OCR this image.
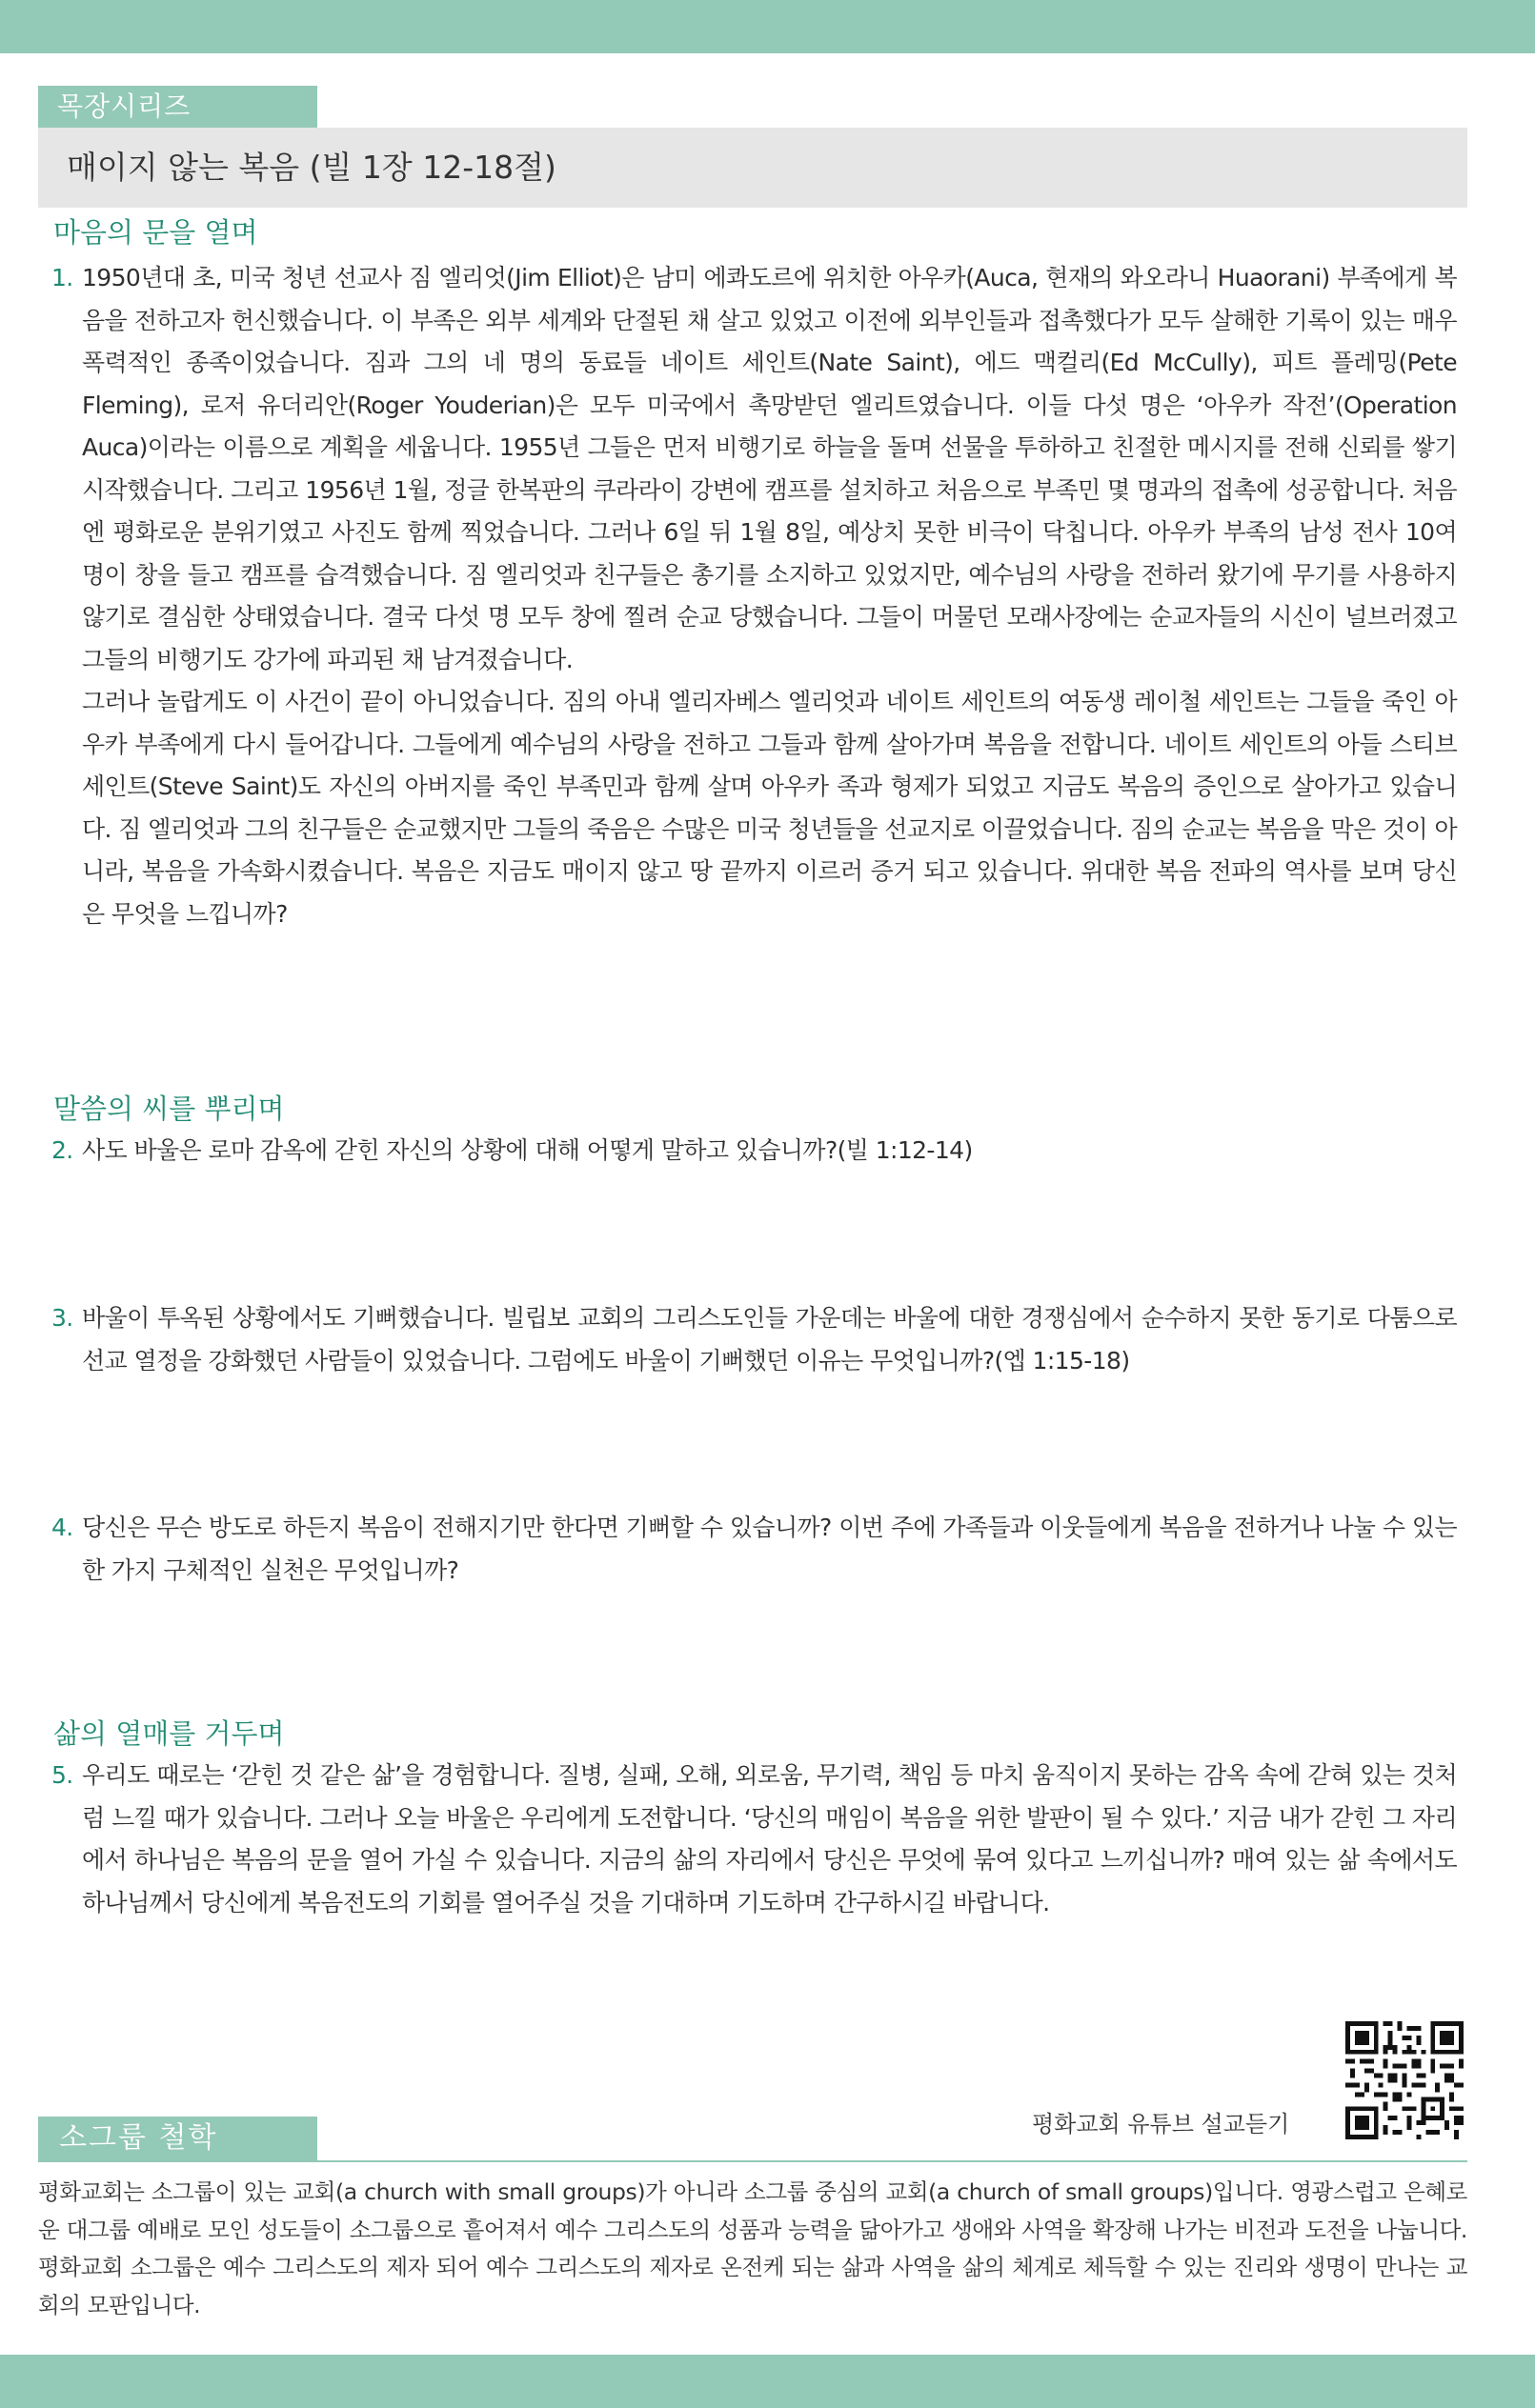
목장시리즈
매이지 않는 복음 (빌 1장 12-18절)
마음의 문을 열며
1. 1950년대 초, 미국 청년 선교사 짐 엘리엇(Jim Elliot)은 남미 에콰도르에 위치한 아우카(Auca, 현재의 와오라니 Huaorani) 부족에게 복음을 전하고자 헌신했습니다. 이 부족은 외부 세계와 단절된 채 살고 있었고 이전에 외부인들과 접촉했다가 모두 살해한 기록이 있는 매우 폭력적인 종족이었습니다. 짐과 그의 네 명의 동료들 네이트 세인트(Nate Saint), 에드 맥컬리(Ed McCully), 피트 플레밍(Pete Fleming), 로저 유더리안(Roger Youderian)은 모두 미국에서 촉망받던 엘리트였습니다. 이들 다섯 명은 ‘아우카 작전’(Operation Auca)이라는 이름으로 계획을 세웁니다. 1955년 그들은 먼저 비행기로 하늘을 돌며 선물을 투하하고 친절한 메시지를 전해 신뢰를 쌓기 시작했습니다. 그리고 1956년 1월, 정글 한복판의 쿠라라이 강변에 캠프를 설치하고 처음으로 부족민 몇 명과의 접촉에 성공합니다. 처음엔 평화로운 분위기였고 사진도 함께 찍었습니다. 그러나 6일 뒤 1월 8일, 예상치 못한 비극이 닥칩니다. 아우카 부족의 남성 전사 10여 명이 창을 들고 캠프를 습격했습니다. 짐 엘리엇과 친구들은 총기를 소지하고 있었지만, 예수님의 사랑을 전하러 왔기에 무기를 사용하지 않기로 결심한 상태였습니다. 결국 다섯 명 모두 창에 찔려 순교 당했습니다. 그들이 머물던 모래사장에는 순교자들의 시신이 널브러졌고 그들의 비행기도 강가에 파괴된 채 남겨졌습니다.

그러나 놀랍게도 이 사건이 끝이 아니었습니다. 짐의 아내 엘리자베스 엘리엇과 네이트 세인트의 여동생 레이철 세인트는 그들을 죽인 아우카 부족에게 다시 들어갑니다. 그들에게 예수님의 사랑을 전하고 그들과 함께 살아가며 복음을 전합니다. 네이트 세인트의 아들 스티브 세인트(Steve Saint)도 자신의 아버지를 죽인 부족민과 함께 살며 아우카 족과 형제가 되었고 지금도 복음의 증인으로 살아가고 있습니다. 짐 엘리엇과 그의 친구들은 순교했지만 그들의 죽음은 수많은 미국 청년들을 선교지로 이끌었습니다. 짐의 순교는 복음을 막은 것이 아니라, 복음을 가속화시켰습니다. 복음은 지금도 매이지 않고 땅 끝까지 이르러 증거 되고 있습니다. 위대한 복음 전파의 역사를 보며 당신은 무엇을 느낍니까?

말씀의 씨를 뿌리며
2. 사도 바울은 로마 감옥에 갇힌 자신의 상황에 대해 어떻게 말하고 있습니까?(빌 1:12-14)

3. 바울이 투옥된 상황에서도 기뻐했습니다. 빌립보 교회의 그리스도인들 가운데는 바울에 대한 경쟁심에서 순수하지 못한 동기로 다툼으로 선교 열정을 강화했던 사람들이 있었습니다. 그럼에도 바울이 기뻐했던 이유는 무엇입니까?(엡 1:15-18)

4. 당신은 무슨 방도로 하든지 복음이 전해지기만 한다면 기뻐할 수 있습니까? 이번 주에 가족들과 이웃들에게 복음을 전하거나 나눌 수 있는 한 가지 구체적인 실천은 무엇입니까?

삶의 열매를 거두며
5. 우리도 때로는 ‘갇힌 것 같은 삶’을 경험합니다. 질병, 실패, 오해, 외로움, 무기력, 책임 등 마치 움직이지 못하는 감옥 속에 갇혀 있는 것처럼 느낄 때가 있습니다. 그러나 오늘 바울은 우리에게 도전합니다. ‘당신의 매임이 복음을 위한 발판이 될 수 있다.’ 지금 내가 갇힌 그 자리에서 하나님은 복음의 문을 열어 가실 수 있습니다. 지금의 삶의 자리에서 당신은 무엇에 묶여 있다고 느끼십니까? 매여 있는 삶 속에서도 하나님께서 당신에게 복음전도의 기회를 열어주실 것을 기대하며 기도하며 간구하시길 바랍니다.

평화교회 유튜브 설교듣기
소그룹 철학
평화교회는 소그룹이 있는 교회(a church with small groups)가 아니라 소그룹 중심의 교회(a church of small groups)입니다. 영광스럽고 은혜로운 대그룹 예배로 모인 성도들이 소그룹으로 흩어져서 예수 그리스도의 성품과 능력을 닮아가고 생애와 사역을 확장해 나가는 비전과 도전을 나눕니다. 평화교회 소그룹은 예수 그리스도의 제자 되어 예수 그리스도의 제자로 온전케 되는 삶과 사역을 삶의 체계로 체득할 수 있는 진리와 생명이 만나는 교회의 모판입니다.
